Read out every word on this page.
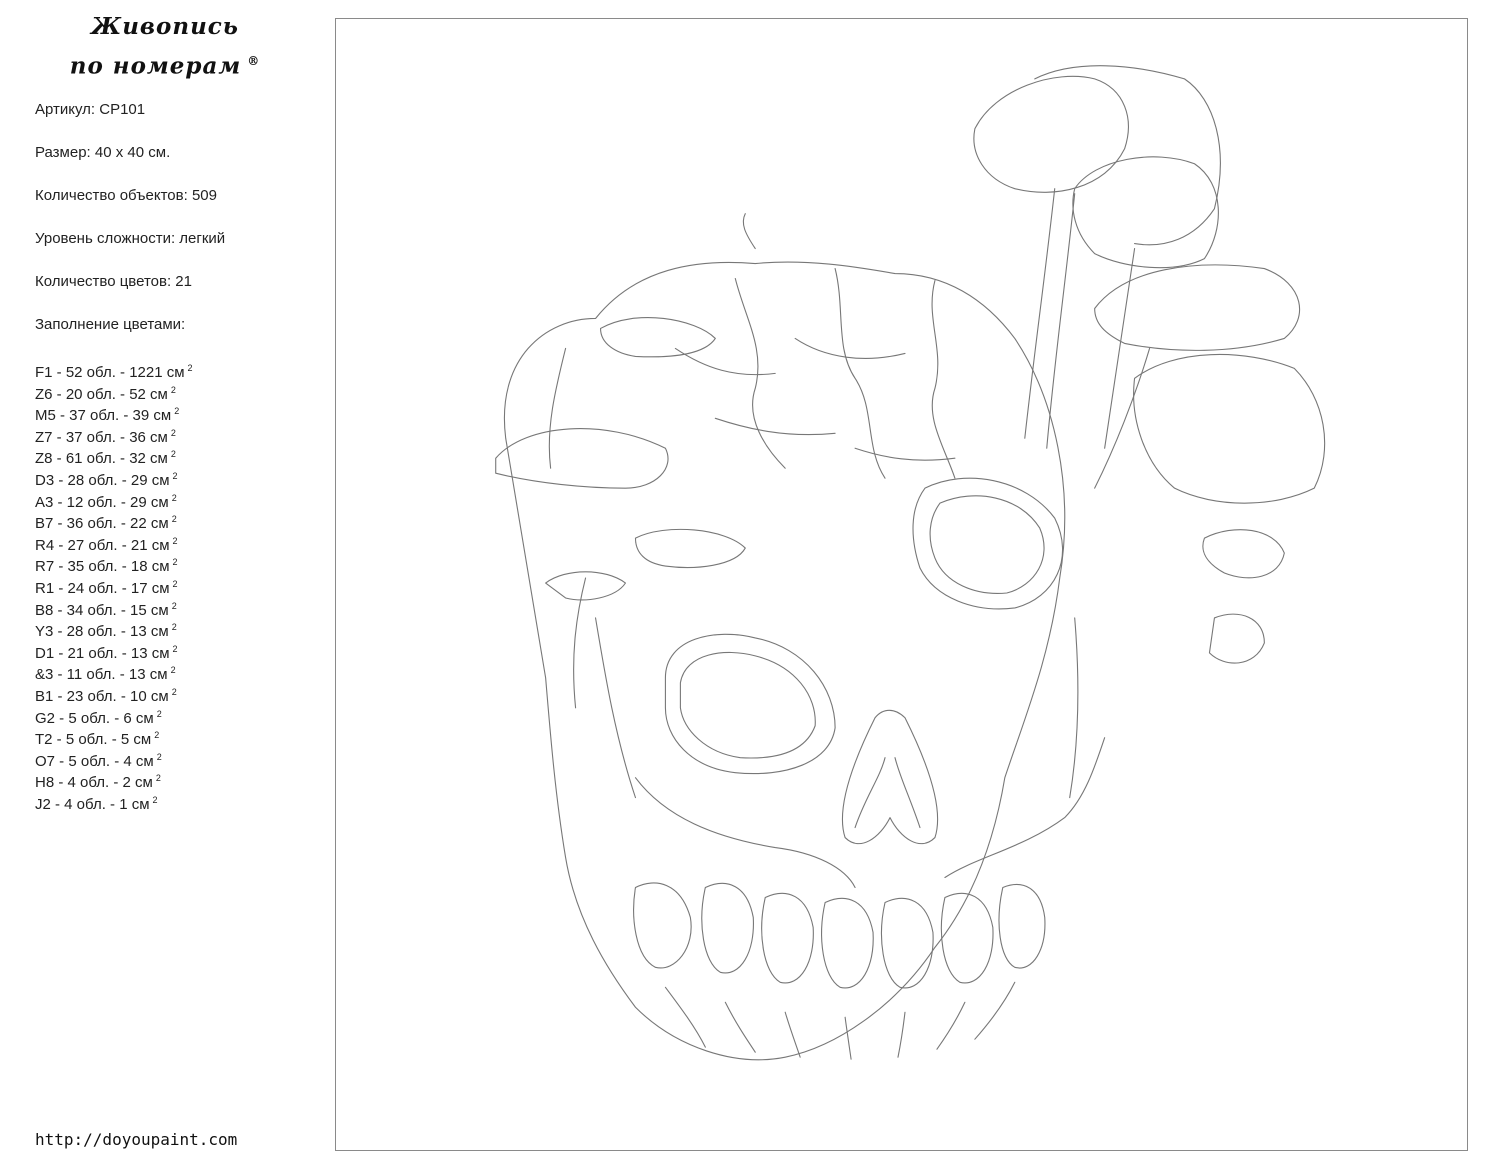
Живопись
по номерам ®
Артикул: CP101
Размер: 40 х 40 см.
Количество объектов: 509
Уровень сложности: легкий
Количество цветов: 21
Заполнение цветами:
F1 - 52 обл. - 1221 см $^2$
Z6 - 20 обл. - 52 см $^2$
M5 - 37 обл. - 39 см $^2$
Z7 - 37 обл. - 36 см $^2$
Z8 - 61 обл. - 32 см $^2$
D3 - 28 обл. - 29 см $^2$
A3 - 12 обл. - 29 см $^2$
B7 - 36 обл. - 22 см $^2$
R4 - 27 обл. - 21 см $^2$
R7 - 35 обл. - 18 см $^2$
R1 - 24 обл. - 17 см $^2$
B8 - 34 обл. - 15 см $^2$
Y3 - 28 обл. - 13 см $^2$
D1 - 21 обл. - 13 см $^2$
&3 - 11 обл. - 13 см $^2$
B1 - 23 обл. - 10 см $^2$
G2 - 5 обл. - 6 см $^2$
T2 - 5 обл. - 5 см $^2$
O7 - 5 обл. - 4 см $^2$
H8 - 4 обл. - 2 см $^2$
J2 - 4 обл. - 1 см $^2$
http://doyoupaint.com
